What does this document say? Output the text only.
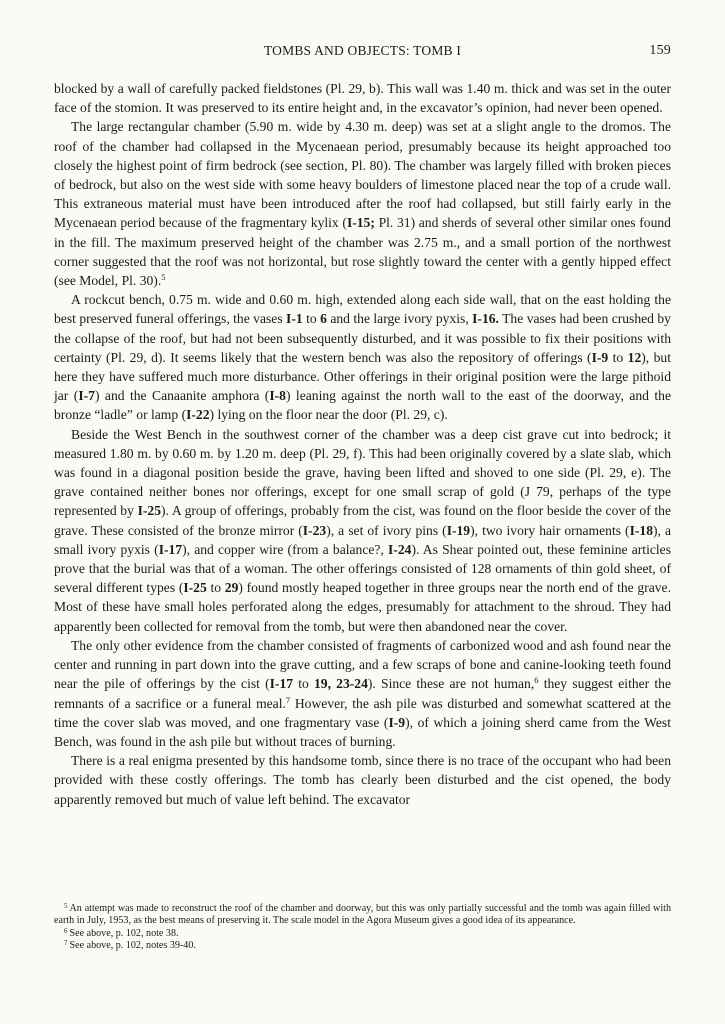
TOMBS AND OBJECTS: TOMB I	159

blocked by a wall of carefully packed fieldstones (Pl. 29, b). This wall was 1.40 m. thick and was set in the outer face of the stomion. It was preserved to its entire height and, in the excavator’s opinion, had never been opened.

The large rectangular chamber (5.90 m. wide by 4.30 m. deep) was set at a slight angle to the dromos. The roof of the chamber had collapsed in the Mycenaean period, presumably because its height approached too closely the highest point of firm bedrock (see section, Pl. 80). The chamber was largely filled with broken pieces of bedrock, but also on the west side with some heavy boulders of limestone placed near the top of a crude wall. This extraneous material must have been introduced after the roof had collapsed, but still fairly early in the Mycenaean period because of the fragmentary kylix (I-15; Pl. 31) and sherds of several other similar ones found in the fill. The maximum preserved height of the chamber was 2.75 m., and a small portion of the northwest corner suggested that the roof was not horizontal, but rose slightly toward the center with a gently hipped effect (see Model, Pl. 30).$^5$

A rockcut bench, 0.75 m. wide and 0.60 m. high, extended along each side wall, that on the east holding the best preserved funeral offerings, the vases I-1 to 6 and the large ivory pyxis, I-16. The vases had been crushed by the collapse of the roof, but had not been subsequently disturbed, and it was possible to fix their positions with certainty (Pl. 29, d). It seems likely that the western bench was also the repository of offerings (I-9 to 12), but here they have suffered much more disturbance. Other offerings in their original position were the large pithoid jar (I-7) and the Canaanite amphora (I-8) leaning against the north wall to the east of the doorway, and the bronze “ladle” or lamp (I-22) lying on the floor near the door (Pl. 29, c).

Beside the West Bench in the southwest corner of the chamber was a deep cist grave cut into bedrock; it measured 1.80 m. by 0.60 m. by 1.20 m. deep (Pl. 29, f). This had been originally covered by a slate slab, which was found in a diagonal position beside the grave, having been lifted and shoved to one side (Pl. 29, e). The grave contained neither bones nor offerings, except for one small scrap of gold (J 79, perhaps of the type represented by I-25). A group of offerings, probably from the cist, was found on the floor beside the cover of the grave. These consisted of the bronze mirror (I-23), a set of ivory pins (I-19), two ivory hair ornaments (I-18), a small ivory pyxis (I-17), and copper wire (from a balance?, I-24). As Shear pointed out, these feminine articles prove that the burial was that of a woman. The other offerings consisted of 128 ornaments of thin gold sheet, of several different types (I-25 to 29) found mostly heaped together in three groups near the north end of the grave. Most of these have small holes perforated along the edges, presumably for attachment to the shroud. They had apparently been collected for removal from the tomb, but were then abandoned near the cover.

The only other evidence from the chamber consisted of fragments of carbonized wood and ash found near the center and running in part down into the grave cutting, and a few scraps of bone and canine-looking teeth found near the pile of offerings by the cist (I-17 to 19, 23-24). Since these are not human,$^6$ they suggest either the remnants of a sacrifice or a funeral meal.$^7$ However, the ash pile was disturbed and somewhat scattered at the time the cover slab was moved, and one fragmentary vase (I-9), of which a joining sherd came from the West Bench, was found in the ash pile but without traces of burning.

There is a real enigma presented by this handsome tomb, since there is no trace of the occupant who had been provided with these costly offerings. The tomb has clearly been disturbed and the cist opened, the body apparently removed but much of value left behind. The excavator

$^5$ An attempt was made to reconstruct the roof of the chamber and doorway, but this was only partially successful and the tomb was again filled with earth in July, 1953, as the best means of preserving it. The scale model in the Agora Museum gives a good idea of its appearance.

$^6$ See above, p. 102, note 38.

$^7$ See above, p. 102, notes 39-40.
